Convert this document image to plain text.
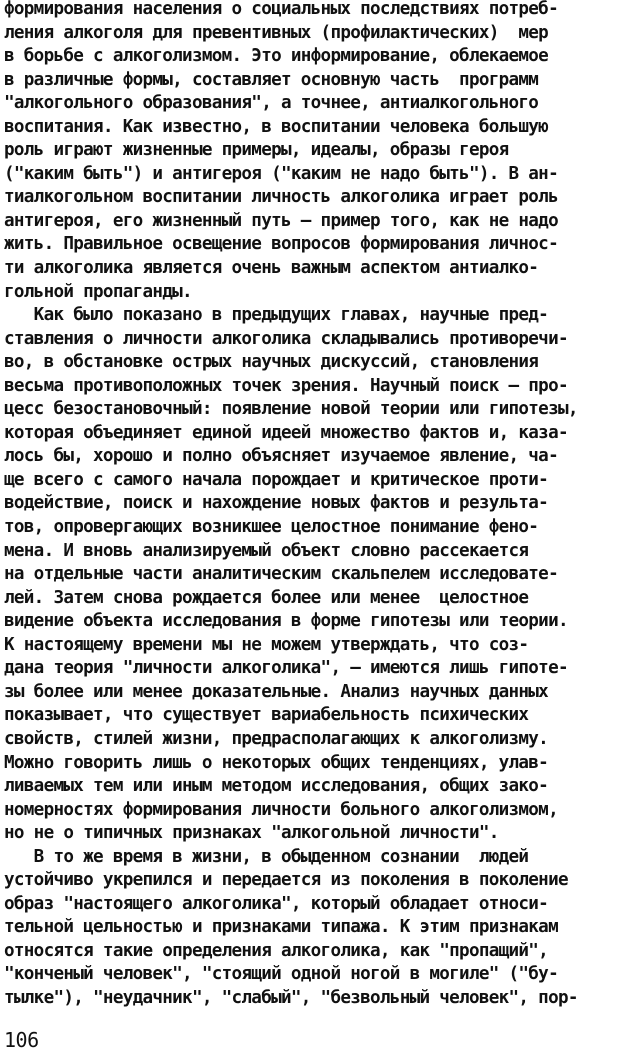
формирования населения о социальных последствиях потреб-
ления алкоголя для превентивных (профилактических)  мер
в борьбе с алкоголизмом. Это информирование, облекаемое
в различные формы, составляет основную часть  программ
"алкогольного образования", а точнее, антиалкогольного
воспитания. Как известно, в воспитании человека большую
роль играют жизненные примеры, идеалы, образы героя
("каким быть") и антигероя ("каким не надо быть"). В ан-
тиалкогольном воспитании личность алкоголика играет роль
антигероя, его жизненный путь – пример того, как не надо
жить. Правильное освещение вопросов формирования личнос-
ти алкоголика является очень важным аспектом антиалко-
гольной пропаганды.
Как было показано в предыдущих главах, научные пред-
ставления о личности алкоголика складывались противоречи-
во, в обстановке острых научных дискуссий, становления
весьма противоположных точек зрения. Научный поиск – про-
цесс безостановочный: появление новой теории или гипотезы,
которая объединяет единой идеей множество фактов и, каза-
лось бы, хорошо и полно объясняет изучаемое явление, ча-
ще всего с самого начала порождает и критическое проти-
водействие, поиск и нахождение новых фактов и результа-
тов, опровергающих возникшее целостное понимание фено-
мена. И вновь анализируемый объект словно рассекается
на отдельные части аналитическим скальпелем исследовате-
лей. Затем снова рождается более или менее  целостное
видение объекта исследования в форме гипотезы или теории.
К настоящему времени мы не можем утверждать, что соз-
дана теория "личности алкоголика", – имеются лишь гипоте-
зы более или менее доказательные. Анализ научных данных
показывает, что существует вариабельность психических
свойств, стилей жизни, предрасполагающих к алкоголизму.
Можно говорить лишь о некоторых общих тенденциях, улав-
ливаемых тем или иным методом исследования, общих зако-
номерностях формирования личности больного алкоголизмом,
но не о типичных признаках "алкогольной личности".
В то же время в жизни, в обыденном сознании  людей
устойчиво укрепился и передается из поколения в поколение
образ "настоящего алкоголика", который обладает относи-
тельной цельностью и признаками типажа. К этим признакам
относятся такие определения алкоголика, как "пропащий",
"конченый человек", "стоящий одной ногой в могиле" ("бу-
тылке"), "неудачник", "слабый", "безвольный человек", пор-
106
